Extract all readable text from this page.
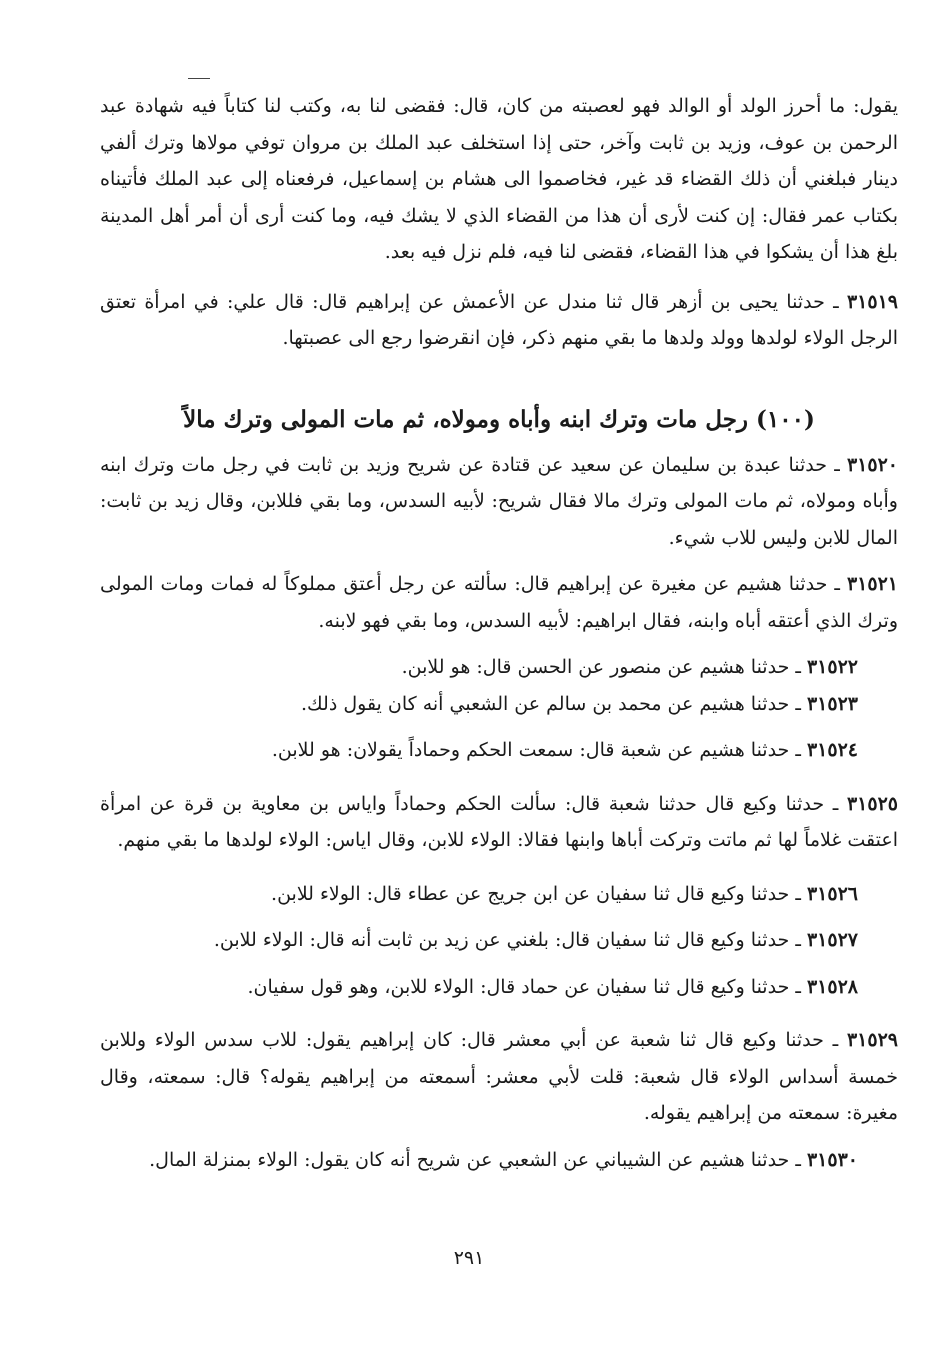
يقول: ما أحرز الولد أو الوالد فهو لعصبته من كان، قال: فقضى لنا به، وكتب لنا كتاباً فيه شهادة عبد الرحمن بن عوف، وزيد بن ثابت وآخر، حتى إذا استخلف عبد الملك بن مروان توفي مولاها وترك ألفي دينار فبلغني أن ذلك القضاء قد غير، فخاصموا الى هشام بن إسماعيل، فرفعناه إلى عبد الملك فأتيناه بكتاب عمر فقال: إن كنت لأرى أن هذا من القضاء الذي لا يشك فيه، وما كنت أرى أن أمر أهل المدينة بلغ هذا أن يشكوا في هذا القضاء، فقضى لنا فيه، فلم نزل فيه بعد.

٣١٥١٩ ـ حدثنا يحيى بن أزهر قال ثنا مندل عن الأعمش عن إبراهيم قال: قال علي: في امرأة تعتق الرجل الولاء لولدها وولد ولدها ما بقي منهم ذكر، فإن انقرضوا رجع الى عصبتها.

(١٠٠) رجل مات وترك ابنه وأباه ومولاه، ثم مات المولى وترك مالاً

٣١٥٢٠ ـ حدثنا عبدة بن سليمان عن سعيد عن قتادة عن شريح وزيد بن ثابت في رجل مات وترك ابنه وأباه ومولاه، ثم مات المولى وترك مالا فقال شريح: لأبيه السدس، وما بقي فللابن، وقال زيد بن ثابت: المال للابن وليس للاب شيء.

٣١٥٢١ ـ حدثنا هشيم عن مغيرة عن إبراهيم قال: سألته عن رجل أعتق مملوكاً له فمات ومات المولى وترك الذي أعتقه أباه وابنه، فقال ابراهيم: لأبيه السدس، وما بقي فهو لابنه.

٣١٥٢٢ ـ حدثنا هشيم عن منصور عن الحسن قال: هو للابن.

٣١٥٢٣ ـ حدثنا هشيم عن محمد بن سالم عن الشعبي أنه كان يقول ذلك.

٣١٥٢٤ ـ حدثنا هشيم عن شعبة قال: سمعت الحكم وحماداً يقولان: هو للابن.

٣١٥٢٥ ـ حدثنا وكيع قال حدثنا شعبة قال: سألت الحكم وحماداً واياس بن معاوية بن قرة عن امرأة اعتقت غلاماً لها ثم ماتت وتركت أباها وابنها فقالا: الولاء للابن، وقال اياس: الولاء لولدها ما بقي منهم.

٣١٥٢٦ ـ حدثنا وكيع قال ثنا سفيان عن ابن جريج عن عطاء قال: الولاء للابن.

٣١٥٢٧ ـ حدثنا وكيع قال ثنا سفيان قال: بلغني عن زيد بن ثابت أنه قال: الولاء للابن.

٣١٥٢٨ ـ حدثنا وكيع قال ثنا سفيان عن حماد قال: الولاء للابن، وهو قول سفيان.

٣١٥٢٩ ـ حدثنا وكيع قال ثنا شعبة عن أبي معشر قال: كان إبراهيم يقول: للاب سدس الولاء وللابن خمسة أسداس الولاء قال شعبة: قلت لأبي معشر: أسمعته من إبراهيم يقوله؟ قال: سمعته، وقال مغيرة: سمعته من إبراهيم يقوله.

٣١٥٣٠ ـ حدثنا هشيم عن الشيباني عن الشعبي عن شريح أنه كان يقول: الولاء بمنزلة المال.

٢٩١
